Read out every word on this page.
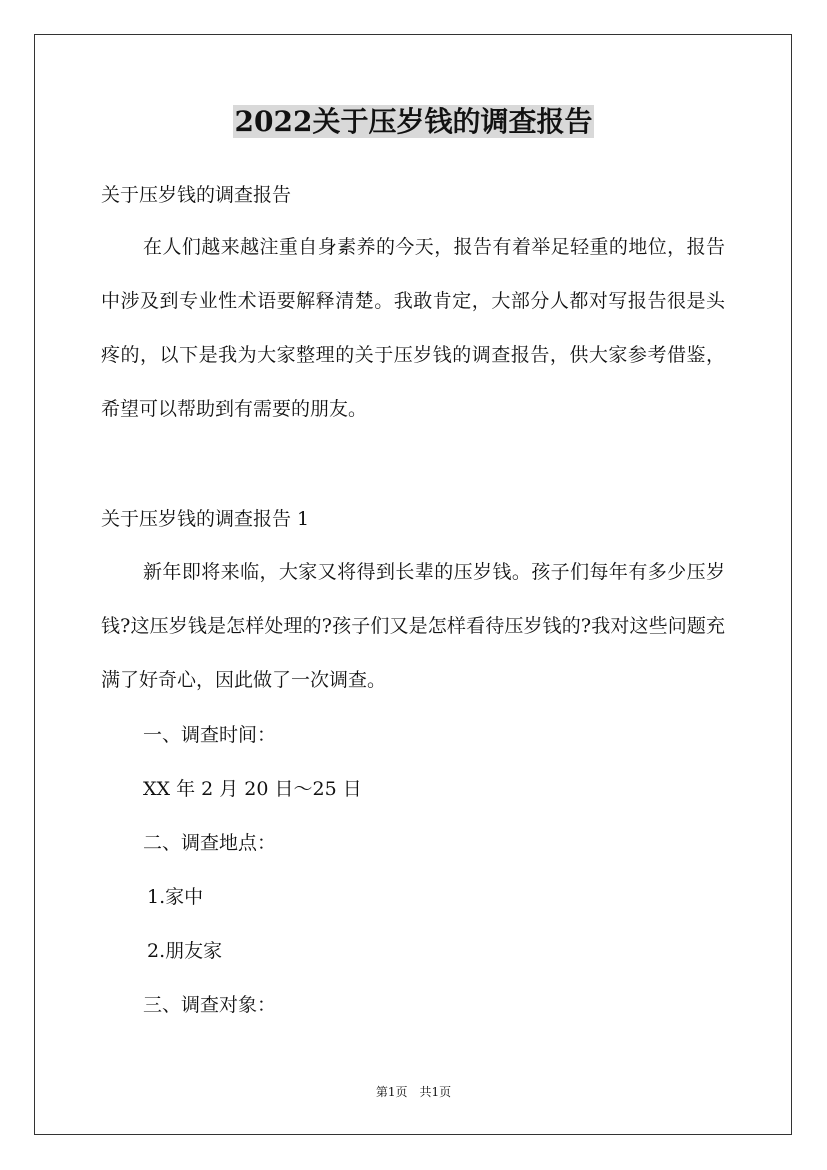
2022关于压岁钱的调查报告

关于压岁钱的调查报告

在人们越来越注重自身素养的今天，报告有着举足轻重的地位，报告中涉及到专业性术语要解释清楚。我敢肯定，大部分人都对写报告很是头疼的，以下是我为大家整理的关于压岁钱的调查报告，供大家参考借鉴，希望可以帮助到有需要的朋友。

关于压岁钱的调查报告 1

新年即将来临，大家又将得到长辈的压岁钱。孩子们每年有多少压岁钱?这压岁钱是怎样处理的?孩子们又是怎样看待压岁钱的?我对这些问题充满了好奇心，因此做了一次调查。

一、调查时间：

XX 年 2 月 20 日～25 日

二、调查地点：

1.家中

2.朋友家

三、调查对象：

第1页　共1页
